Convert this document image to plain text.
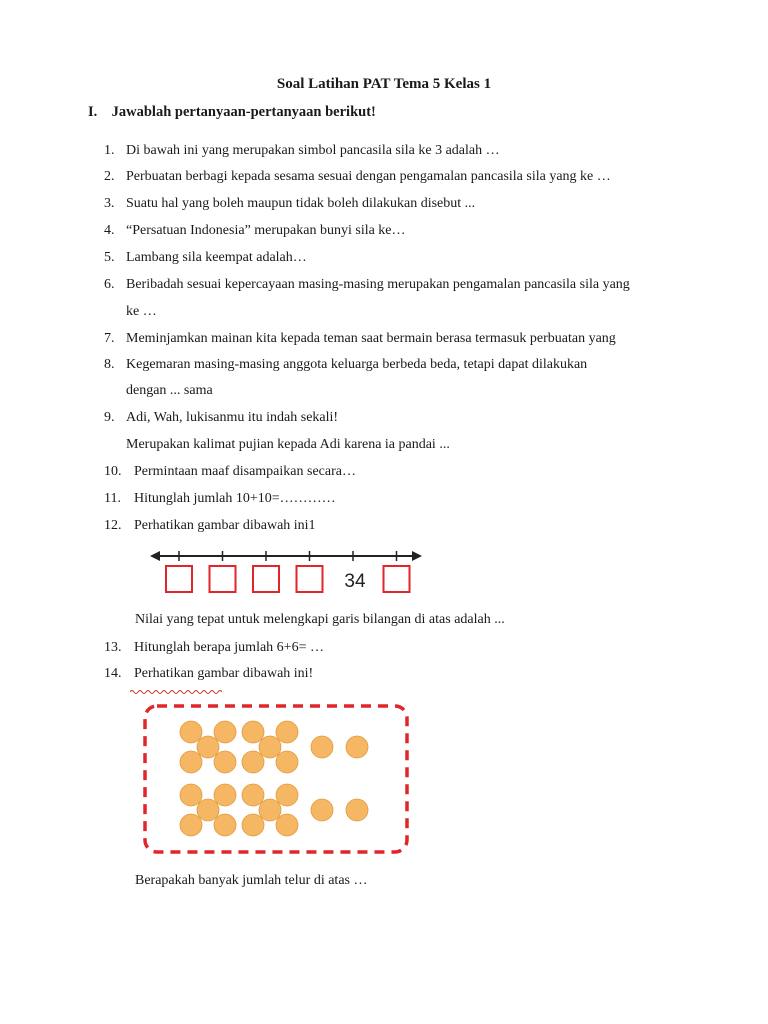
Soal Latihan PAT Tema 5 Kelas 1
I. Jawablah pertanyaan-pertanyaan berikut!
1. Di bawah ini yang merupakan simbol pancasila sila ke 3 adalah …
2. Perbuatan berbagi kepada sesama sesuai dengan pengamalan pancasila sila yang ke …
3. Suatu hal yang boleh maupun tidak boleh dilakukan disebut ...
4. “Persatuan Indonesia” merupakan bunyi sila ke…
5. Lambang sila keempat adalah…
6. Beribadah sesuai kepercayaan masing-masing merupakan pengamalan pancasila sila yang
ke …
7. Meminjamkan mainan kita kepada teman saat bermain berasa termasuk perbuatan yang
8. Kegemaran masing-masing anggota keluarga berbeda beda, tetapi dapat dilakukan
dengan ... sama
9. Adi, Wah, lukisanmu itu indah sekali!
Merupakan kalimat pujian kepada Adi karena ia pandai ...
10. Permintaan maaf disampaikan secara…
11. Hitunglah jumlah 10+10=…………
12. Perhatikan gambar dibawah ini1
34
Nilai yang tepat untuk melengkapi garis bilangan di atas adalah ...
13. Hitunglah berapa jumlah 6+6= …
14. Perhatikan gambar dibawah ini!
Berapakah banyak jumlah telur di atas …
